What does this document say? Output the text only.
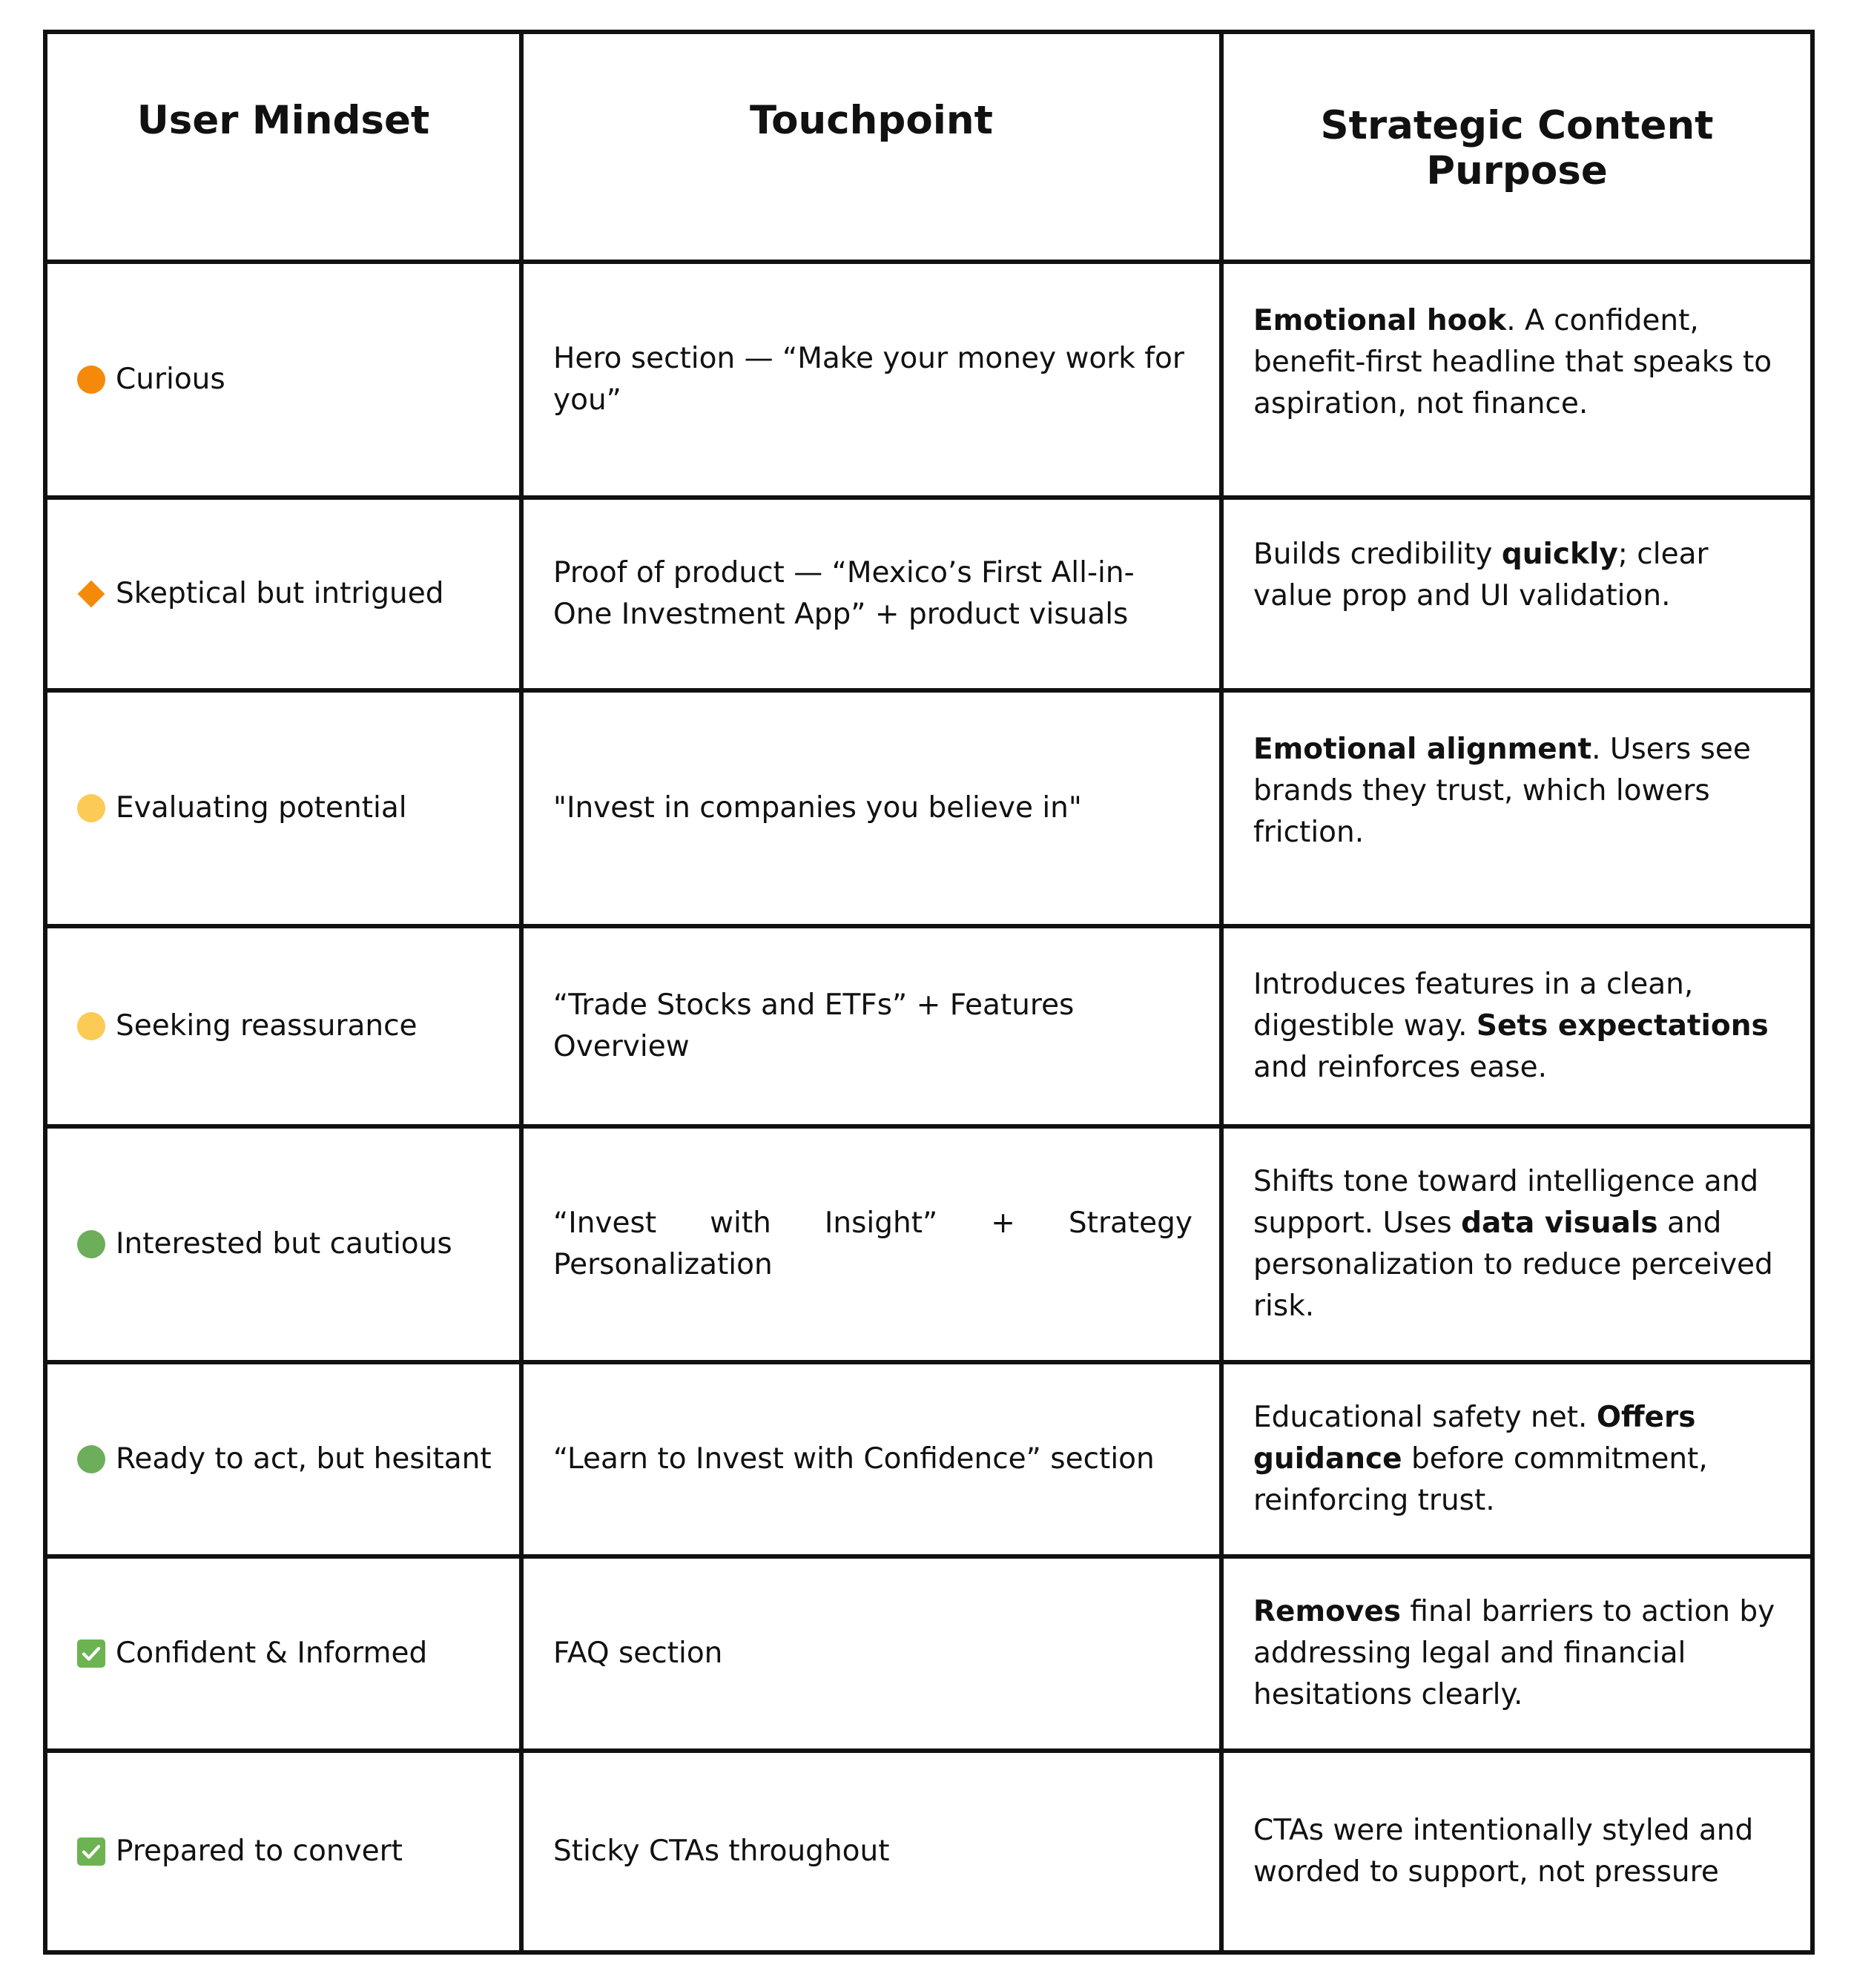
User Mindset	Touchpoint	Strategic Content Purpose

Curious	Hero section — “Make your money work for you”	Emotional hook. A confident, benefit-first headline that speaks to aspiration, not finance.

Skeptical but intrigued	Proof of product — “Mexico’s First All-in-One Investment App” + product visuals	Builds credibility quickly; clear value prop and UI validation.

Evaluating potential	"Invest in companies you believe in"	Emotional alignment. Users see brands they trust, which lowers friction.

Seeking reassurance	“Trade Stocks and ETFs” + Features Overview	Introduces features in a clean, digestible way. Sets expectations and reinforces ease.

Interested but cautious	“Invest with Insight” + Strategy Personalization	Shifts tone toward intelligence and support. Uses data visuals and personalization to reduce perceived risk.

Ready to act, but hesitant	“Learn to Invest with Confidence” section	Educational safety net. Offers guidance before commitment, reinforcing trust.

Confident & Informed	FAQ section	Removes final barriers to action by addressing legal and financial hesitations clearly.

Prepared to convert	Sticky CTAs throughout	CTAs were intentionally styled and worded to support, not pressure
